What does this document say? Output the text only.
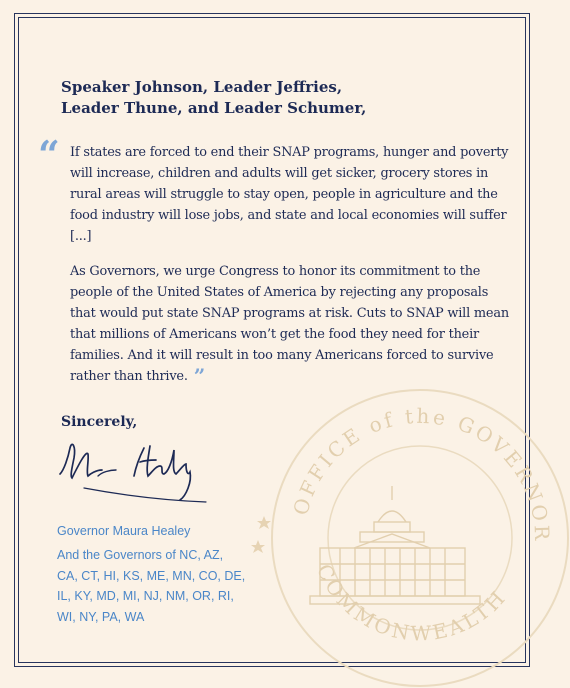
OFFICE of the GOVERNOR
COMMONWEALTH
Speaker Johnson, Leader Jeffries,
Leader Thune, and Leader Schumer,
“ If states are forced to end their SNAP programs, hunger and poverty will increase, children and adults will get sicker, grocery stores in rural areas will struggle to stay open, people in agriculture and the food industry will lose jobs, and state and local economies will suffer [...]
As Governors, we urge Congress to honor its commitment to the people of the United States of America by rejecting any proposals that would put state SNAP programs at risk. Cuts to SNAP will mean that millions of Americans won’t get the food they need for their families. And it will result in too many Americans forced to survive rather than thrive. ”
Sincerely,
Governor Maura Healey
And the Governors of NC, AZ,
CA, CT, HI, KS, ME, MN, CO, DE,
IL, KY, MD, MI, NJ, NM, OR, RI,
WI, NY, PA, WA
